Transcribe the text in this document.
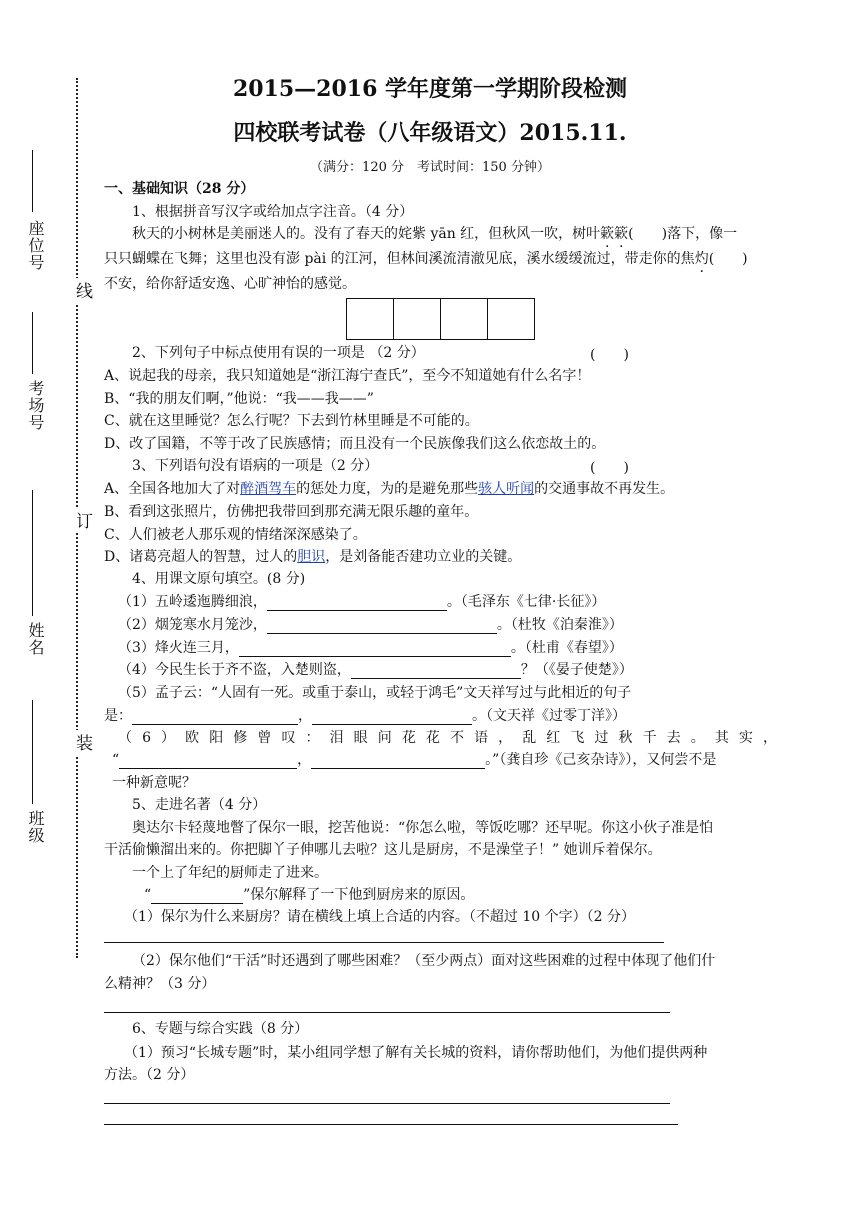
座位号
考场号
姓名
班级
线
订
装
2015—2016 学年度第一学期阶段检测
四校联考试卷（八年级语文）2015.11.
（满分：120 分　考试时间：150 分钟）
一、基础知识（28 分）
1、根据拼音写汉字或给加点字注音。（4 分）
秋天的小树林是美丽迷人的。没有了春天的姹紫 yān 红，但秋风一吹，树叶簌簌(　　)落下，像一
只只蝴蝶在飞舞；这里也没有澎 pài 的江河，但林间溪流清澈见底，溪水缓缓流过，带走你的焦灼(　　)
不安，给你舒适安逸、心旷神怡的感觉。
2、下列句子中标点使用有误的一项是 （2 分）	(　　)
A、说起我的母亲，我只知道她是“浙江海宁查氏”，至今不知道她有什么名字！
B、“我的朋友们啊，”他说：“我——我——”
C、就在这里睡觉？怎么行呢？下去到竹林里睡是不可能的。
D、改了国籍，不等于改了民族感情；而且没有一个民族像我们这么依恋故土的。
3、下列语句没有语病的一项是（2 分）	(　　)
A、全国各地加大了对醉酒驾车的惩处力度，为的是避免那些骇人听闻的交通事故不再发生。
B、看到这张照片，仿佛把我带回到那充满无限乐趣的童年。
C、人们被老人那乐观的情绪深深感染了。
D、诸葛亮超人的智慧，过人的胆识，是刘备能否建功立业的关键。
4、用课文原句填空。(8 分)
（1）五岭逶迤腾细浪，	。（毛泽东《七律·长征》）
（2）烟笼寒水月笼沙，	。（杜牧《泊秦淮》）
（3）烽火连三月，	。（杜甫《春望》）
（4）今民生长于齐不盗，入楚则盗，	？（《晏子使楚》）
（5）孟子云：“人固有一死。或重于泰山，或轻于鸿毛”文天祥写过与此相近的句子
是：	，	。（文天祥《过零丁洋》）
（6）欧阳修曾叹：泪眼问花花不语，乱红飞过秋千去。其实，
“	，	。”（龚自珍《己亥杂诗》），又何尝不是
一种新意呢？
5、走进名著（4 分）
奥达尔卡轻蔑地瞥了保尔一眼，挖苦他说：“你怎么啦，等饭吃哪？还早呢。你这小伙子准是怕
干活偷懒溜出来的。你把脚丫子伸哪儿去啦？这儿是厨房，不是澡堂子！” 她训斥着保尔。
一个上了年纪的厨师走了进来。
“	”保尔解释了一下他到厨房来的原因。
（1）保尔为什么来厨房？请在横线上填上合适的内容。（不超过 10 个字）（2 分）
（2）保尔他们“干活”时还遇到了哪些困难？（至少两点）面对这些困难的过程中体现了他们什
么精神？（3 分）
6、专题与综合实践（8 分）
（1）预习“长城专题”时，某小组同学想了解有关长城的资料，请你帮助他们，为他们提供两种
方法。（2 分）
